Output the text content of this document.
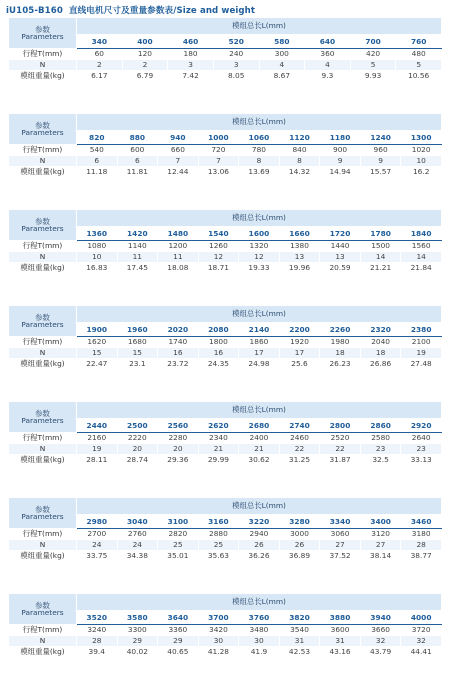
iU105-B160 直线电机尺寸及重量参数表/Size and weight
参数
Parameters	模组总长L(mm)							
	340	400	460	520	580	640	700	760
行程T(mm)	60	120	180	240	300	360	420	480
N	2	2	3	3	4	4	5	5
模组重量(kg)	6.17	6.79	7.42	8.05	8.67	9.3	9.93	10.56
参数
Parameters	模组总长L(mm)								
	820	880	940	1000	1060	1120	1180	1240	1300
行程T(mm)	540	600	660	720	780	840	900	960	1020
N	6	6	7	7	8	8	9	9	10
模组重量(kg)	11.18	11.81	12.44	13.06	13.69	14.32	14.94	15.57	16.2
参数
Parameters	模组总长L(mm)								
	1360	1420	1480	1540	1600	1660	1720	1780	1840
行程T(mm)	1080	1140	1200	1260	1320	1380	1440	1500	1560
N	10	11	11	12	12	13	13	14	14
模组重量(kg)	16.83	17.45	18.08	18.71	19.33	19.96	20.59	21.21	21.84
参数
Parameters	模组总长L(mm)								
	1900	1960	2020	2080	2140	2200	2260	2320	2380
行程T(mm)	1620	1680	1740	1800	1860	1920	1980	2040	2100
N	15	15	16	16	17	17	18	18	19
模组重量(kg)	22.47	23.1	23.72	24.35	24.98	25.6	26.23	26.86	27.48
参数
Parameters	模组总长L(mm)								
	2440	2500	2560	2620	2680	2740	2800	2860	2920
行程T(mm)	2160	2220	2280	2340	2400	2460	2520	2580	2640
N	19	20	20	21	21	22	22	23	23
模组重量(kg)	28.11	28.74	29.36	29.99	30.62	31.25	31.87	32.5	33.13
参数
Parameters	模组总长L(mm)								
	2980	3040	3100	3160	3220	3280	3340	3400	3460
行程T(mm)	2700	2760	2820	2880	2940	3000	3060	3120	3180
N	24	24	25	25	26	26	27	27	28
模组重量(kg)	33.75	34.38	35.01	35.63	36.26	36.89	37.52	38.14	38.77
参数
Parameters	模组总长L(mm)								
	3520	3580	3640	3700	3760	3820	3880	3940	4000
行程T(mm)	3240	3300	3360	3420	3480	3540	3600	3660	3720
N	28	29	29	30	30	31	31	32	32
模组重量(kg)	39.4	40.02	40.65	41.28	41.9	42.53	43.16	43.79	44.41
